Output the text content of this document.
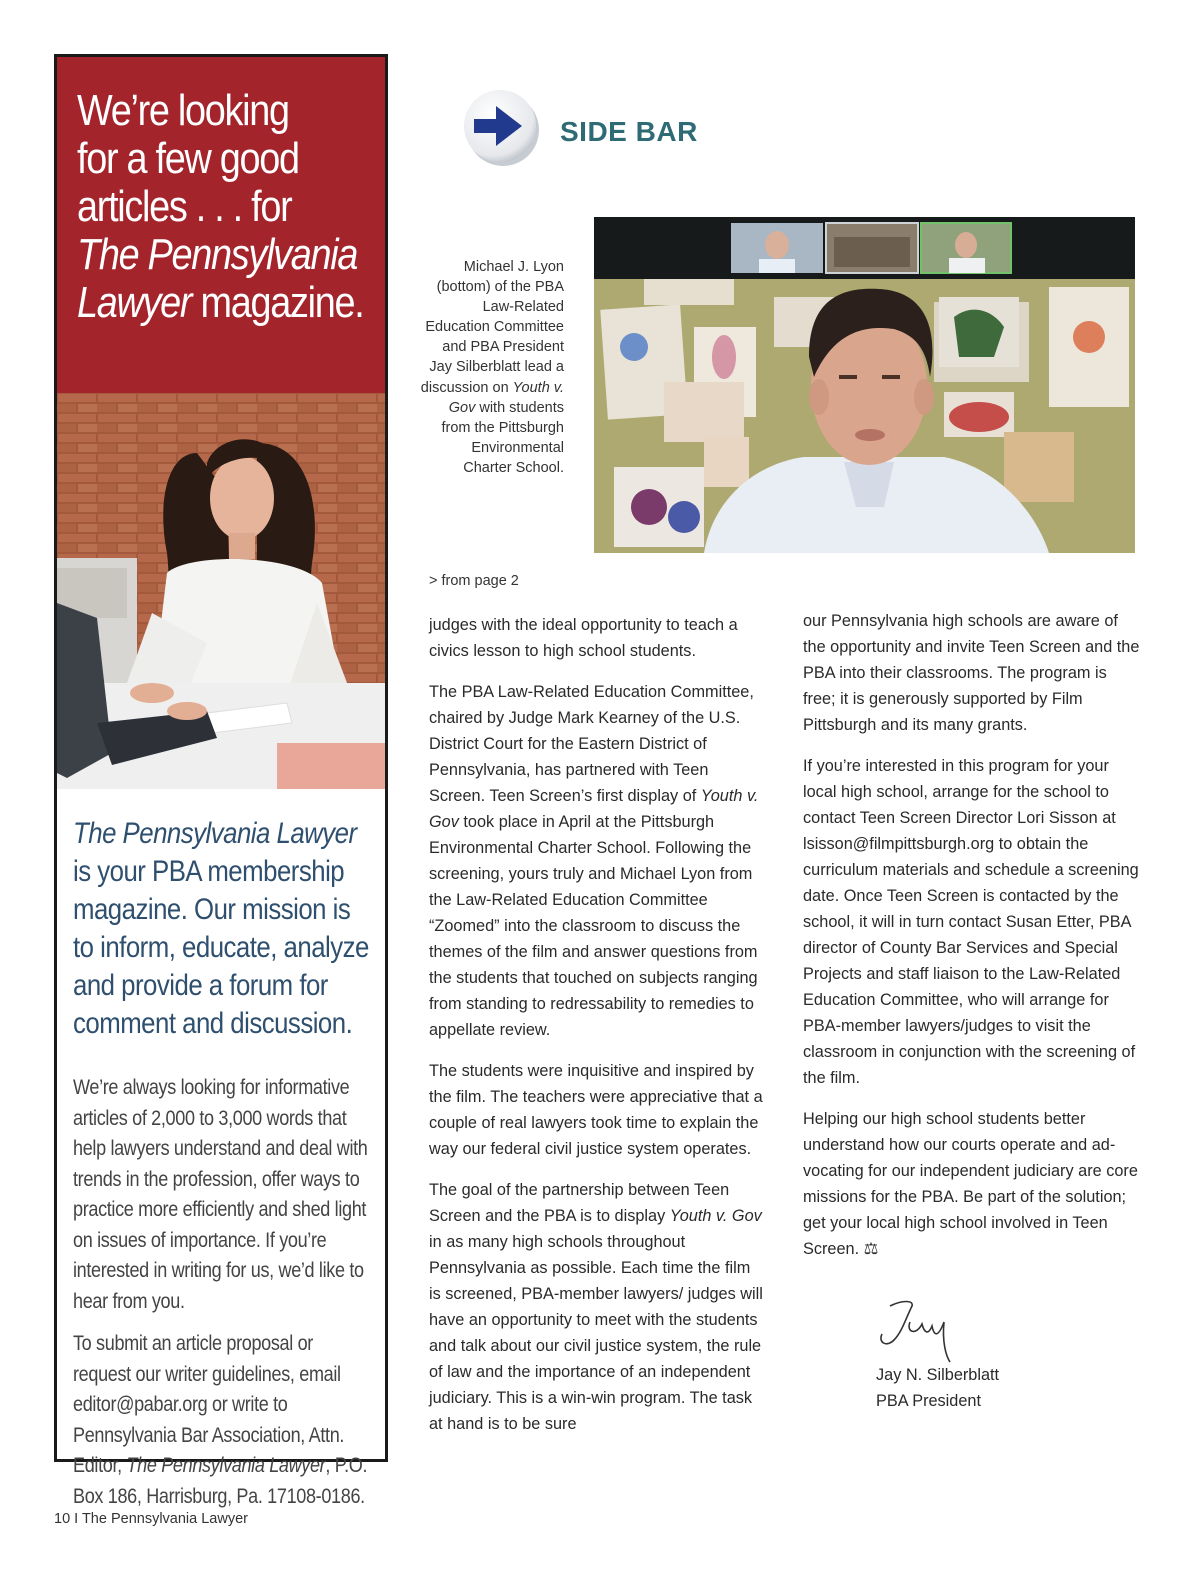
We’re looking
for a few good
articles . . . for
The Pennsylvania
Lawyer magazine.

The Pennsylvania Lawyer is your PBA membership magazine. Our mission is to inform, educate, analyze and provide a forum for comment and discussion.

We’re always looking for informative articles of 2,000 to 3,000 words that help lawyers understand and deal with trends in the profession, offer ways to practice more efficiently and shed light on issues of importance. If you’re interested in writing for us, we’d like to hear from you.

To submit an article proposal or request our writer guidelines, email editor@pabar.org or write to Pennsylvania Bar Association, Attn. Editor, The Pennsylvania Lawyer, P.O. Box 186, Harrisburg, Pa. 17108-0186.

SIDE BAR
Michael J. Lyon (bottom) of the PBA Law-Related Education Committee and PBA President Jay Silberblatt lead a discussion on Youth v. Gov with students from the Pittsburgh Environmental Charter School.
> from page 2

judges with the ideal opportunity to teach a civics lesson to high school students.

The PBA Law-Related Education Committee, chaired by Judge Mark Kearney of the U.S. District Court for the Eastern District of Pennsylvania, has partnered with Teen Screen. Teen Screen’s first display of Youth v. Gov took place in April at the Pittsburgh Environmental Charter School. Following the screening, yours truly and Michael Lyon from the Law-Related Education Committee “Zoomed” into the classroom to discuss the themes of the film and answer questions from the students that touched on subjects ranging from standing to redressability to remedies to appellate review.

The students were inquisitive and inspired by the film. The teachers were appreciative that a couple of real lawyers took time to explain the way our federal civil justice system operates.

The goal of the partnership between Teen Screen and the PBA is to display Youth v. Gov in as many high schools throughout Pennsylvania as possible. Each time the film is screened, PBA-member lawyers/ judges will have an opportunity to meet with the students and talk about our civil justice system, the rule of law and the importance of an independent judiciary. This is a win-win program. The task at hand is to be sure

our Pennsylvania high schools are aware of the opportunity and invite Teen Screen and the PBA into their classrooms. The program is free; it is generously supported by Film Pittsburgh and its many grants.

If you’re interested in this program for your local high school, arrange for the school to contact Teen Screen Director Lori Sisson at lsisson@filmpittsburgh.org to obtain the curriculum materials and schedule a screening date. Once Teen Screen is contacted by the school, it will in turn contact Susan Etter, PBA director of County Bar Services and Special Projects and staff liaison to the Law-Related Education Committee, who will arrange for PBA-member lawyers/judges to visit the classroom in conjunction with the screening of the film.

Helping our high school students better understand how our courts operate and ad-vocating for our independent judiciary are core missions for the PBA. Be part of the solution; get your local high school involved in Teen Screen. ⚖

Jay N. Silberblatt
PBA President
10 I The Pennsylvania Lawyer
